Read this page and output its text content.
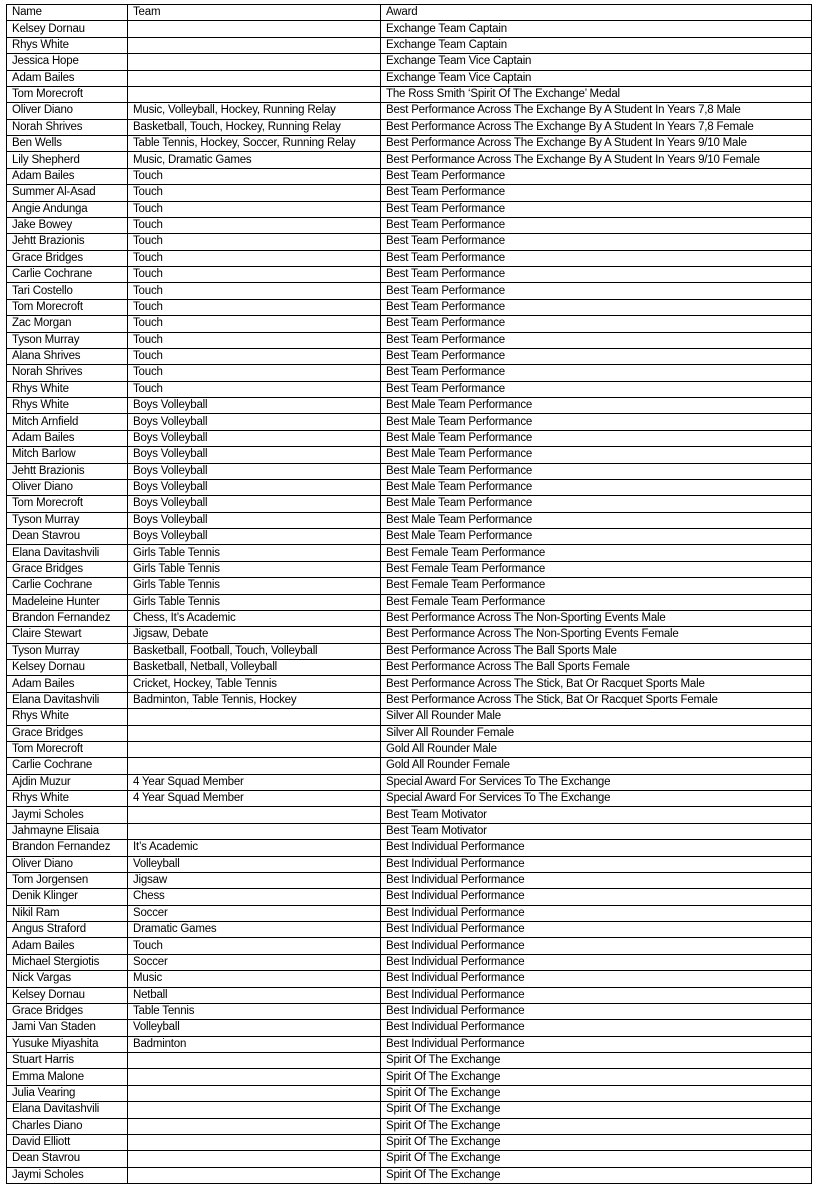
Name	Team	Award
Kelsey Dornau		Exchange Team Captain
Rhys White		Exchange Team Captain
Jessica Hope		Exchange Team Vice Captain
Adam Bailes		Exchange Team Vice Captain
Tom Morecroft		The Ross Smith ‘Spirit Of The Exchange’ Medal
Oliver Diano	Music, Volleyball, Hockey, Running Relay	Best Performance Across The Exchange By A Student In Years 7,8 Male
Norah Shrives	Basketball, Touch, Hockey, Running Relay	Best Performance Across The Exchange By A Student In Years 7,8 Female
Ben Wells	Table Tennis, Hockey, Soccer, Running Relay	Best Performance Across The Exchange By A Student In Years 9/10 Male
Lily Shepherd	Music, Dramatic Games	Best Performance Across The Exchange By A Student In Years 9/10 Female
Adam Bailes	Touch	Best Team Performance
Summer Al-Asad	Touch	Best Team Performance
Angie Andunga	Touch	Best Team Performance
Jake Bowey	Touch	Best Team Performance
Jehtt Brazionis	Touch	Best Team Performance
Grace Bridges	Touch	Best Team Performance
Carlie Cochrane	Touch	Best Team Performance
Tari Costello	Touch	Best Team Performance
Tom Morecroft	Touch	Best Team Performance
Zac Morgan	Touch	Best Team Performance
Tyson Murray	Touch	Best Team Performance
Alana Shrives	Touch	Best Team Performance
Norah Shrives	Touch	Best Team Performance
Rhys White	Touch	Best Team Performance
Rhys White	Boys Volleyball	Best Male Team Performance
Mitch Arnfield	Boys Volleyball	Best Male Team Performance
Adam Bailes	Boys Volleyball	Best Male Team Performance
Mitch Barlow	Boys Volleyball	Best Male Team Performance
Jehtt Brazionis	Boys Volleyball	Best Male Team Performance
Oliver Diano	Boys Volleyball	Best Male Team Performance
Tom Morecroft	Boys Volleyball	Best Male Team Performance
Tyson Murray	Boys Volleyball	Best Male Team Performance
Dean Stavrou	Boys Volleyball	Best Male Team Performance
Elana Davitashvili	Girls Table Tennis	Best Female Team Performance
Grace Bridges	Girls Table Tennis	Best Female Team Performance
Carlie Cochrane	Girls Table Tennis	Best Female Team Performance
Madeleine Hunter	Girls Table Tennis	Best Female Team Performance
Brandon Fernandez	Chess, It’s Academic	Best Performance Across The Non-Sporting Events Male
Claire Stewart	Jigsaw, Debate	Best Performance Across The Non-Sporting Events Female
Tyson Murray	Basketball, Football, Touch, Volleyball	Best Performance Across The Ball Sports Male
Kelsey Dornau	Basketball, Netball, Volleyball	Best Performance Across The Ball Sports Female
Adam Bailes	Cricket, Hockey, Table Tennis	Best Performance Across The Stick, Bat Or Racquet Sports Male
Elana Davitashvili	Badminton, Table Tennis, Hockey	Best Performance Across The Stick, Bat Or Racquet Sports Female
Rhys White		Silver All Rounder Male
Grace Bridges		Silver All Rounder Female
Tom Morecroft		Gold All Rounder Male
Carlie Cochrane		Gold All Rounder Female
Ajdin Muzur	4 Year Squad Member	Special Award For Services To The Exchange
Rhys White	4 Year Squad Member	Special Award For Services To The Exchange
Jaymi Scholes		Best Team Motivator
Jahmayne Elisaia		Best Team Motivator
Brandon Fernandez	It’s Academic	Best Individual Performance
Oliver Diano	Volleyball	Best Individual Performance
Tom Jorgensen	Jigsaw	Best Individual Performance
Denik Klinger	Chess	Best Individual Performance
Nikil Ram	Soccer	Best Individual Performance
Angus Straford	Dramatic Games	Best Individual Performance
Adam Bailes	Touch	Best Individual Performance
Michael Stergiotis	Soccer	Best Individual Performance
Nick Vargas	Music	Best Individual Performance
Kelsey Dornau	Netball	Best Individual Performance
Grace Bridges	Table Tennis	Best Individual Performance
Jami Van Staden	Volleyball	Best Individual Performance
Yusuke Miyashita	Badminton	Best Individual Performance
Stuart Harris		Spirit Of The Exchange
Emma Malone		Spirit Of The Exchange
Julia Vearing		Spirit Of The Exchange
Elana Davitashvili		Spirit Of The Exchange
Charles Diano		Spirit Of The Exchange
David Elliott		Spirit Of The Exchange
Dean Stavrou		Spirit Of The Exchange
Jaymi Scholes		Spirit Of The Exchange
